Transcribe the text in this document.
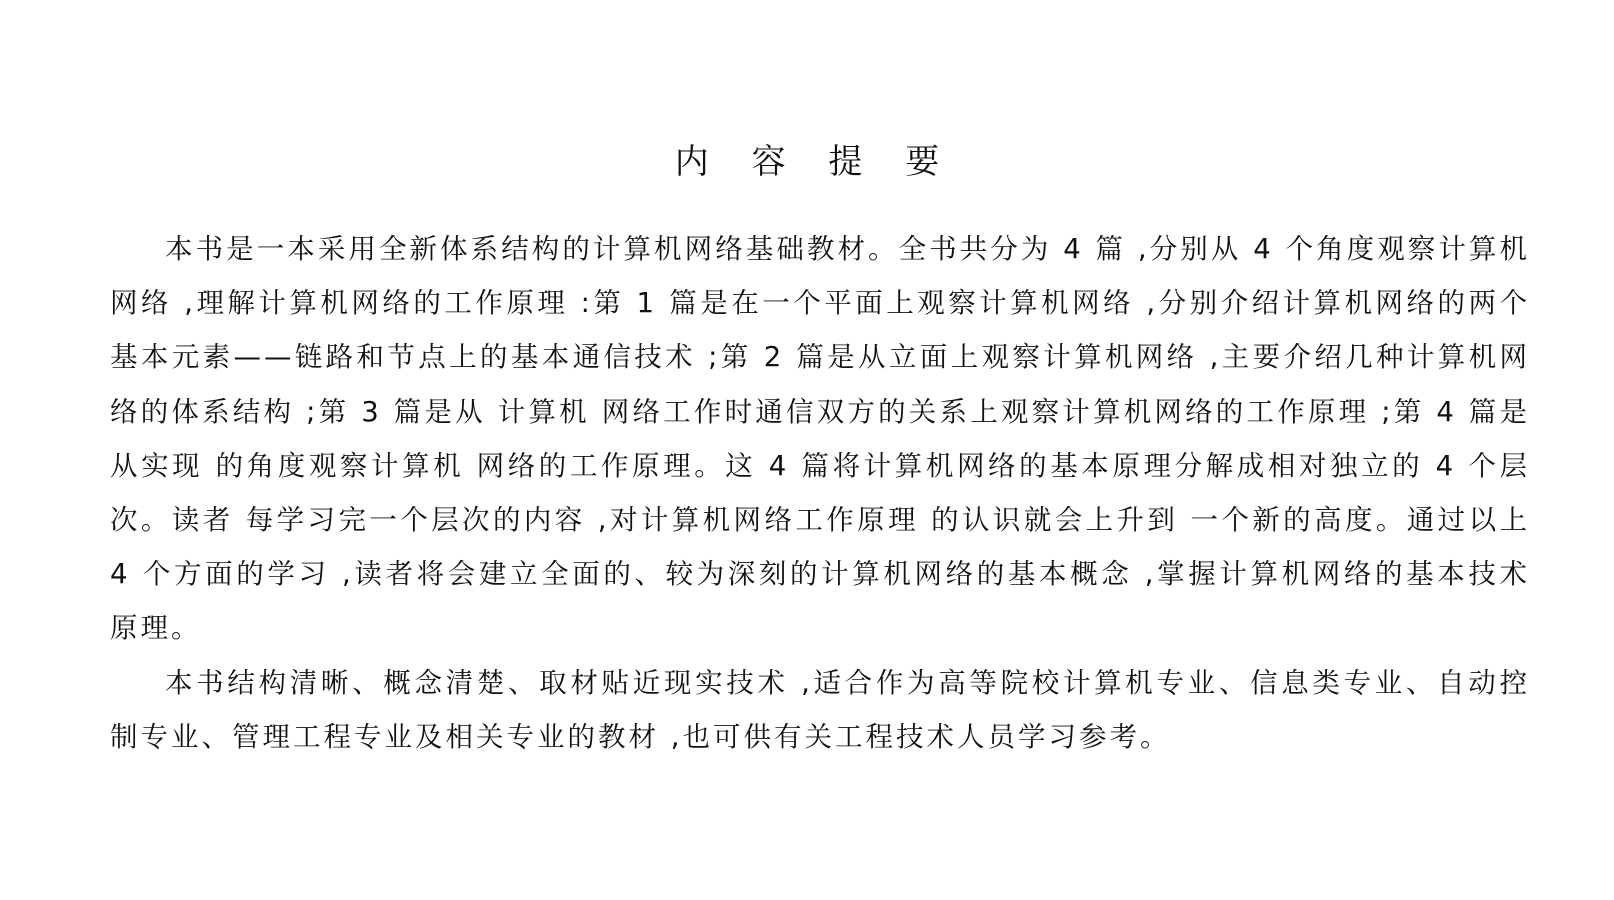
内 容 提 要

本书是一本采用全新体系结构的计算机网络基础教材。全书共分为 4 篇 ,分别从 4 个角度观察计算机网络 ,理解计算机网络的工作原理 :第 1 篇是在一个平面上观察计算机网络 ,分别介绍计算机网络的两个基本元素——链路和节点上的基本通信技术 ;第 2 篇是从立面上观察计算机网络 ,主要介绍几种计算机网络的体系结构 ;第 3 篇是从 计算机 网络工作时通信双方的关系上观察计算机网络的工作原理 ;第 4 篇是从实现 的角度观察计算机 网络的工作原理。这 4 篇将计算机网络的基本原理分解成相对独立的 4 个层次。读者 每学习完一个层次的内容 ,对计算机网络工作原理 的认识就会上升到 一个新的高度。通过以上 4 个方面的学习 ,读者将会建立全面的、较为深刻的计算机网络的基本概念 ,掌握计算机网络的基本技术原理。

本书结构清晰、概念清楚、取材贴近现实技术 ,适合作为高等院校计算机专业、信息类专业、自动控制专业、管理工程专业及相关专业的教材 ,也可供有关工程技术人员学习参考。
